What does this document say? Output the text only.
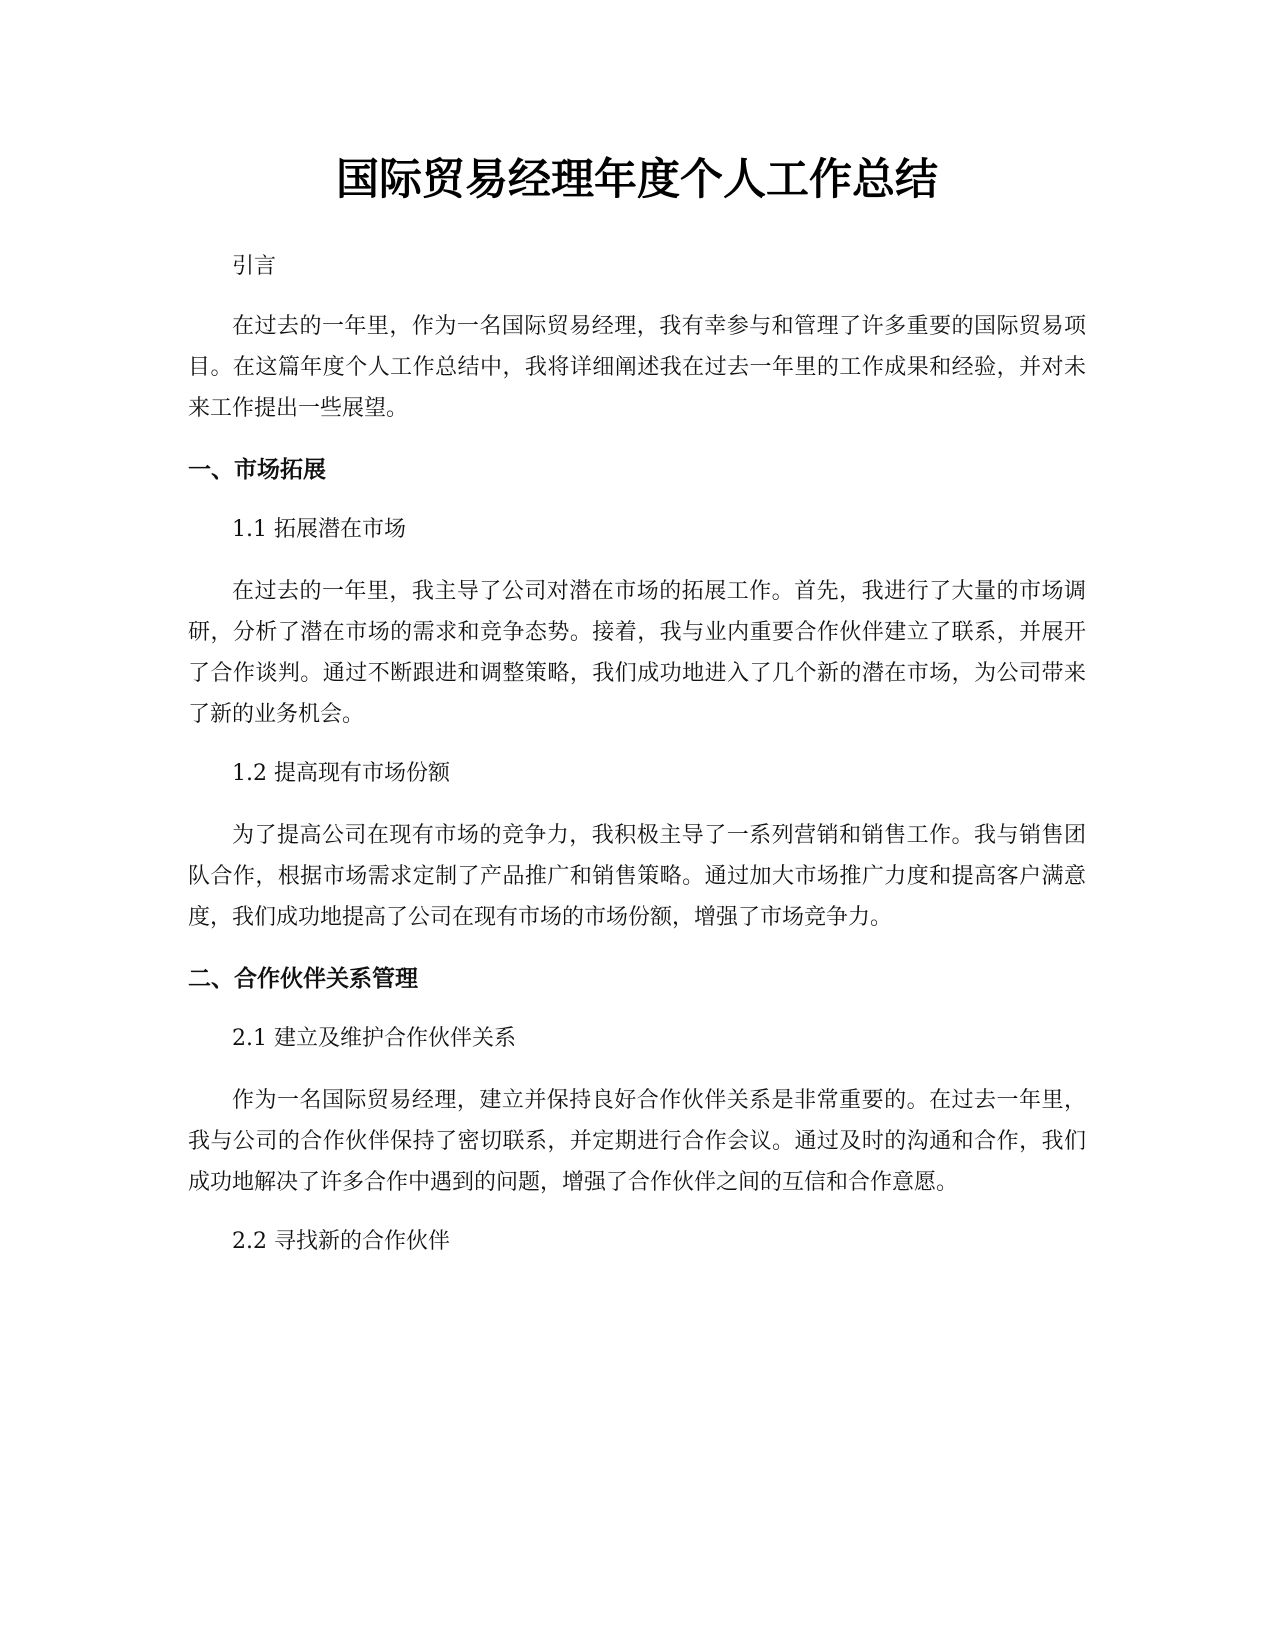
国际贸易经理年度个人工作总结

引言

在过去的一年里，作为一名国际贸易经理，我有幸参与和管理了许多重要的国际贸易项目。在这篇年度个人工作总结中，我将详细阐述我在过去一年里的工作成果和经验，并对未来工作提出一些展望。

一、市场拓展

1.1 拓展潜在市场

在过去的一年里，我主导了公司对潜在市场的拓展工作。首先，我进行了大量的市场调研，分析了潜在市场的需求和竞争态势。接着，我与业内重要合作伙伴建立了联系，并展开了合作谈判。通过不断跟进和调整策略，我们成功地进入了几个新的潜在市场，为公司带来了新的业务机会。

1.2 提高现有市场份额

为了提高公司在现有市场的竞争力，我积极主导了一系列营销和销售工作。我与销售团队合作，根据市场需求定制了产品推广和销售策略。通过加大市场推广力度和提高客户满意度，我们成功地提高了公司在现有市场的市场份额，增强了市场竞争力。

二、合作伙伴关系管理

2.1 建立及维护合作伙伴关系

作为一名国际贸易经理，建立并保持良好合作伙伴关系是非常重要的。在过去一年里，我与公司的合作伙伴保持了密切联系，并定期进行合作会议。通过及时的沟通和合作，我们成功地解决了许多合作中遇到的问题，增强了合作伙伴之间的互信和合作意愿。

2.2 寻找新的合作伙伴
